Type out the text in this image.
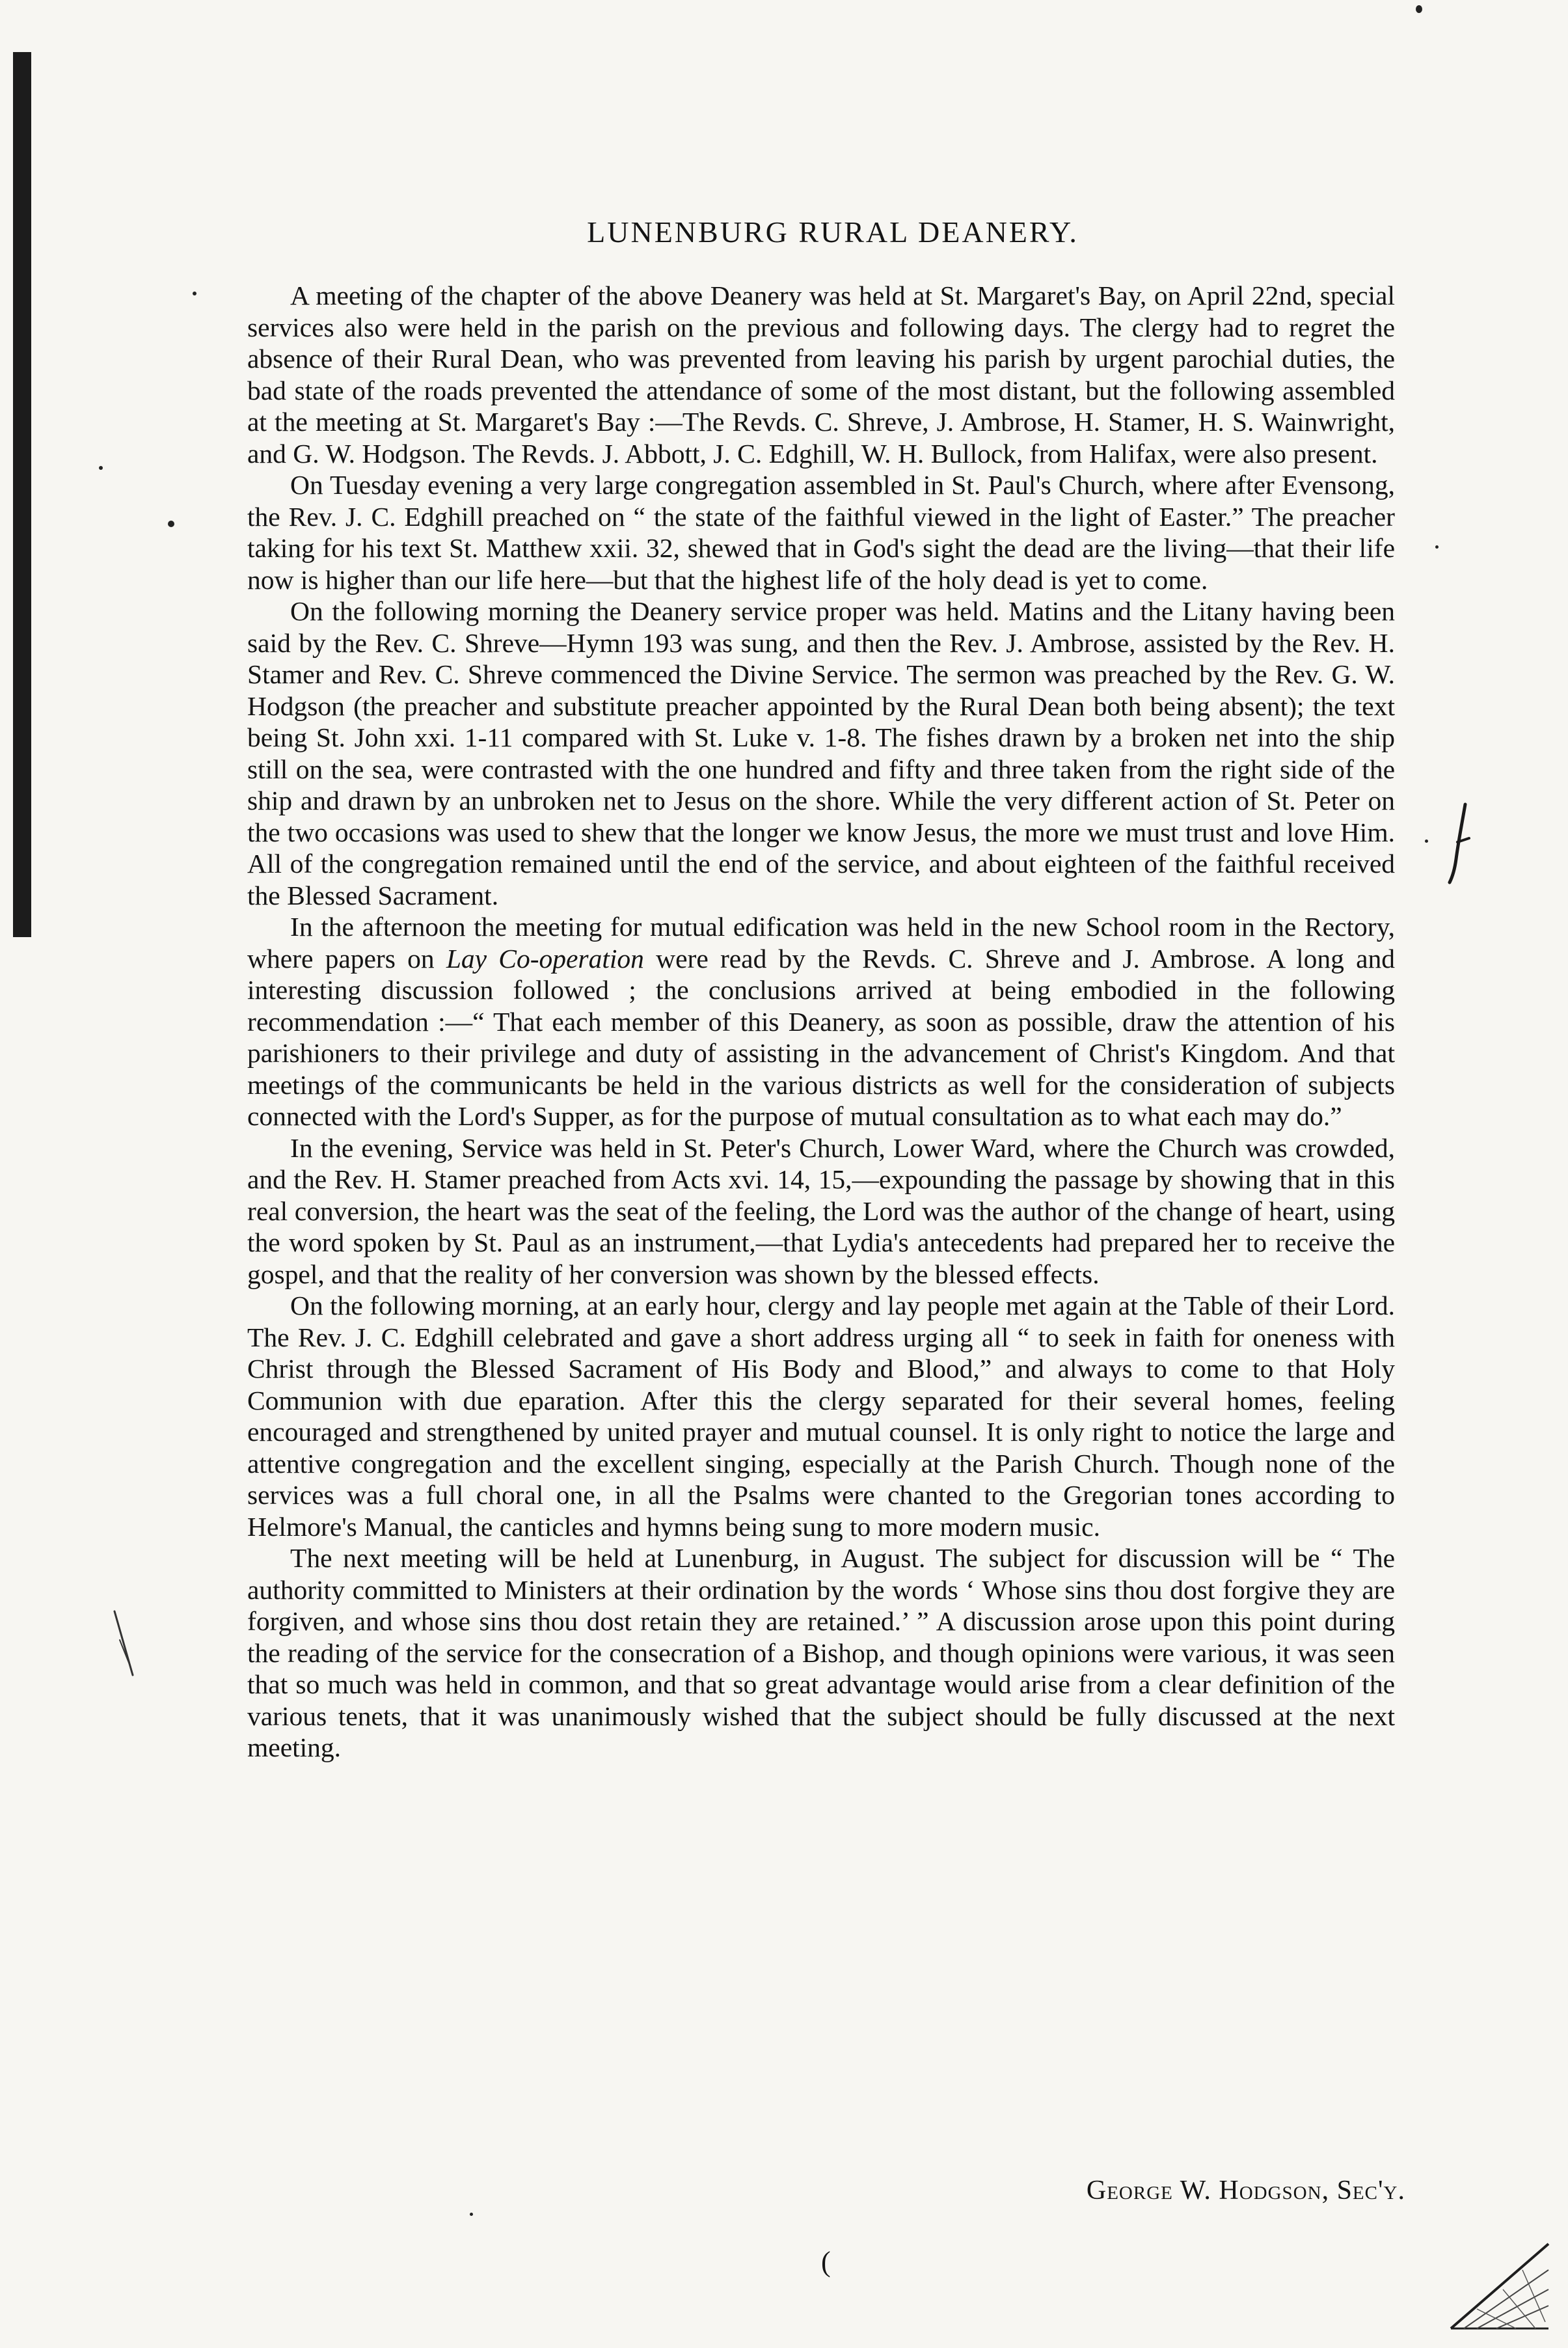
LUNENBURG RURAL DEANERY.

A meeting of the chapter of the above Deanery was held at St. Margaret's Bay, on April 22nd, special services also were held in the parish on the previous and following days. The clergy had to regret the absence of their Rural Dean, who was prevented from leaving his parish by urgent parochial duties, the bad state of the roads prevented the attendance of some of the most distant, but the following assembled at the meeting at St. Margaret's Bay :—The Revds. C. Shreve, J. Ambrose, H. Stamer, H. S. Wainwright, and G. W. Hodgson. The Revds. J. Abbott, J. C. Edghill, W. H. Bullock, from Halifax, were also present.

On Tuesday evening a very large congregation assembled in St. Paul's Church, where after Evensong, the Rev. J. C. Edghill preached on “ the state of the faithful viewed in the light of Easter.” The preacher taking for his text St. Matthew xxii. 32, shewed that in God's sight the dead are the living—that their life now is higher than our life here—but that the highest life of the holy dead is yet to come.

On the following morning the Deanery service proper was held. Matins and the Litany having been said by the Rev. C. Shreve—Hymn 193 was sung, and then the Rev. J. Ambrose, assisted by the Rev. H. Stamer and Rev. C. Shreve commenced the Divine Service. The sermon was preached by the Rev. G. W. Hodgson (the preacher and substitute preacher appointed by the Rural Dean both being absent); the text being St. John xxi. 1-11 compared with St. Luke v. 1-8. The fishes drawn by a broken net into the ship still on the sea, were contrasted with the one hundred and fifty and three taken from the right side of the ship and drawn by an unbroken net to Jesus on the shore. While the very different action of St. Peter on the two occasions was used to shew that the longer we know Jesus, the more we must trust and love Him. All of the congregation remained until the end of the service, and about eighteen of the faithful received the Blessed Sacrament.

In the afternoon the meeting for mutual edification was held in the new School room in the Rectory, where papers on Lay Co-operation were read by the Revds. C. Shreve and J. Ambrose. A long and interesting discussion followed ; the conclusions arrived at being embodied in the following recommendation :—“ That each member of this Deanery, as soon as possible, draw the attention of his parishioners to their privilege and duty of assisting in the advancement of Christ's Kingdom. And that meetings of the communicants be held in the various districts as well for the consideration of subjects connected with the Lord's Supper, as for the purpose of mutual consultation as to what each may do.”

In the evening, Service was held in St. Peter's Church, Lower Ward, where the Church was crowded, and the Rev. H. Stamer preached from Acts xvi. 14, 15,—expounding the passage by showing that in this real conversion, the heart was the seat of the feeling, the Lord was the author of the change of heart, using the word spoken by St. Paul as an instrument,—that Lydia's antecedents had prepared her to receive the gospel, and that the reality of her conversion was shown by the blessed effects.

On the following morning, at an early hour, clergy and lay people met again at the Table of their Lord. The Rev. J. C. Edghill celebrated and gave a short address urging all “ to seek in faith for oneness with Christ through the Blessed Sacrament of His Body and Blood,” and always to come to that Holy Communion with due eparation. After this the clergy separated for their several homes, feeling encouraged and strengthened by united prayer and mutual counsel. It is only right to notice the large and attentive congregation and the excellent singing, especially at the Parish Church. Though none of the services was a full choral one, in all the Psalms were chanted to the Gregorian tones according to Helmore's Manual, the canticles and hymns being sung to more modern music.

The next meeting will be held at Lunenburg, in August. The subject for discussion will be “ The authority committed to Ministers at their ordination by the words ‘ Whose sins thou dost forgive they are forgiven, and whose sins thou dost retain they are retained.’ ” A discussion arose upon this point during the reading of the service for the consecration of a Bishop, and though opinions were various, it was seen that so much was held in common, and that so great advantage would arise from a clear definition of the various tenets, that it was unanimously wished that the subject should be fully discussed at the next meeting.

George W. Hodgson, Sec'y.
(
